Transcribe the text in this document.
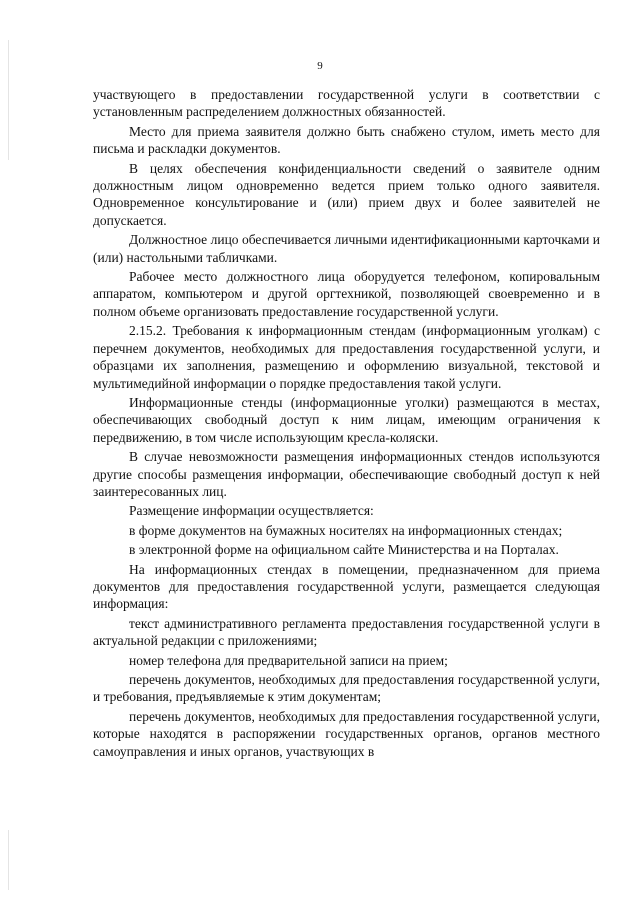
9

участвующего в предоставлении государственной услуги в соответствии с установленным распределением должностных обязанностей.

Место для приема заявителя должно быть снабжено стулом, иметь место для письма и раскладки документов.

В целях обеспечения конфиденциальности сведений о заявителе одним должностным лицом одновременно ведется прием только одного заявителя. Одновременное консультирование и (или) прием двух и более заявителей не допускается.

Должностное лицо обеспечивается личными идентификационными карточками и (или) настольными табличками.

Рабочее место должностного лица оборудуется телефоном, копировальным аппаратом, компьютером и другой оргтехникой, позволяющей своевременно и в полном объеме организовать предоставление государственной услуги.

2.15.2. Требования к информационным стендам (информационным уголкам) с перечнем документов, необходимых для предоставления государственной услуги, и образцами их заполнения, размещению и оформлению визуальной, текстовой и мультимедийной информации о порядке предоставления такой услуги.

Информационные стенды (информационные уголки) размещаются в местах, обеспечивающих свободный доступ к ним лицам, имеющим ограничения к передвижению, в том числе использующим кресла-коляски.

В случае невозможности размещения информационных стендов используются другие способы размещения информации, обеспечивающие свободный доступ к ней заинтересованных лиц.

Размещение информации осуществляется:

в форме документов на бумажных носителях на информационных стендах;

в электронной форме на официальном сайте Министерства и на Порталах.

На информационных стендах в помещении, предназначенном для приема документов для предоставления государственной услуги, размещается следующая информация:

текст административного регламента предоставления государственной услуги в актуальной редакции с приложениями;

номер телефона для предварительной записи на прием;

перечень документов, необходимых для предоставления государственной услуги, и требования, предъявляемые к этим документам;

перечень документов, необходимых для предоставления государственной услуги, которые находятся в распоряжении государственных органов, органов местного самоуправления и иных органов, участвующих в
